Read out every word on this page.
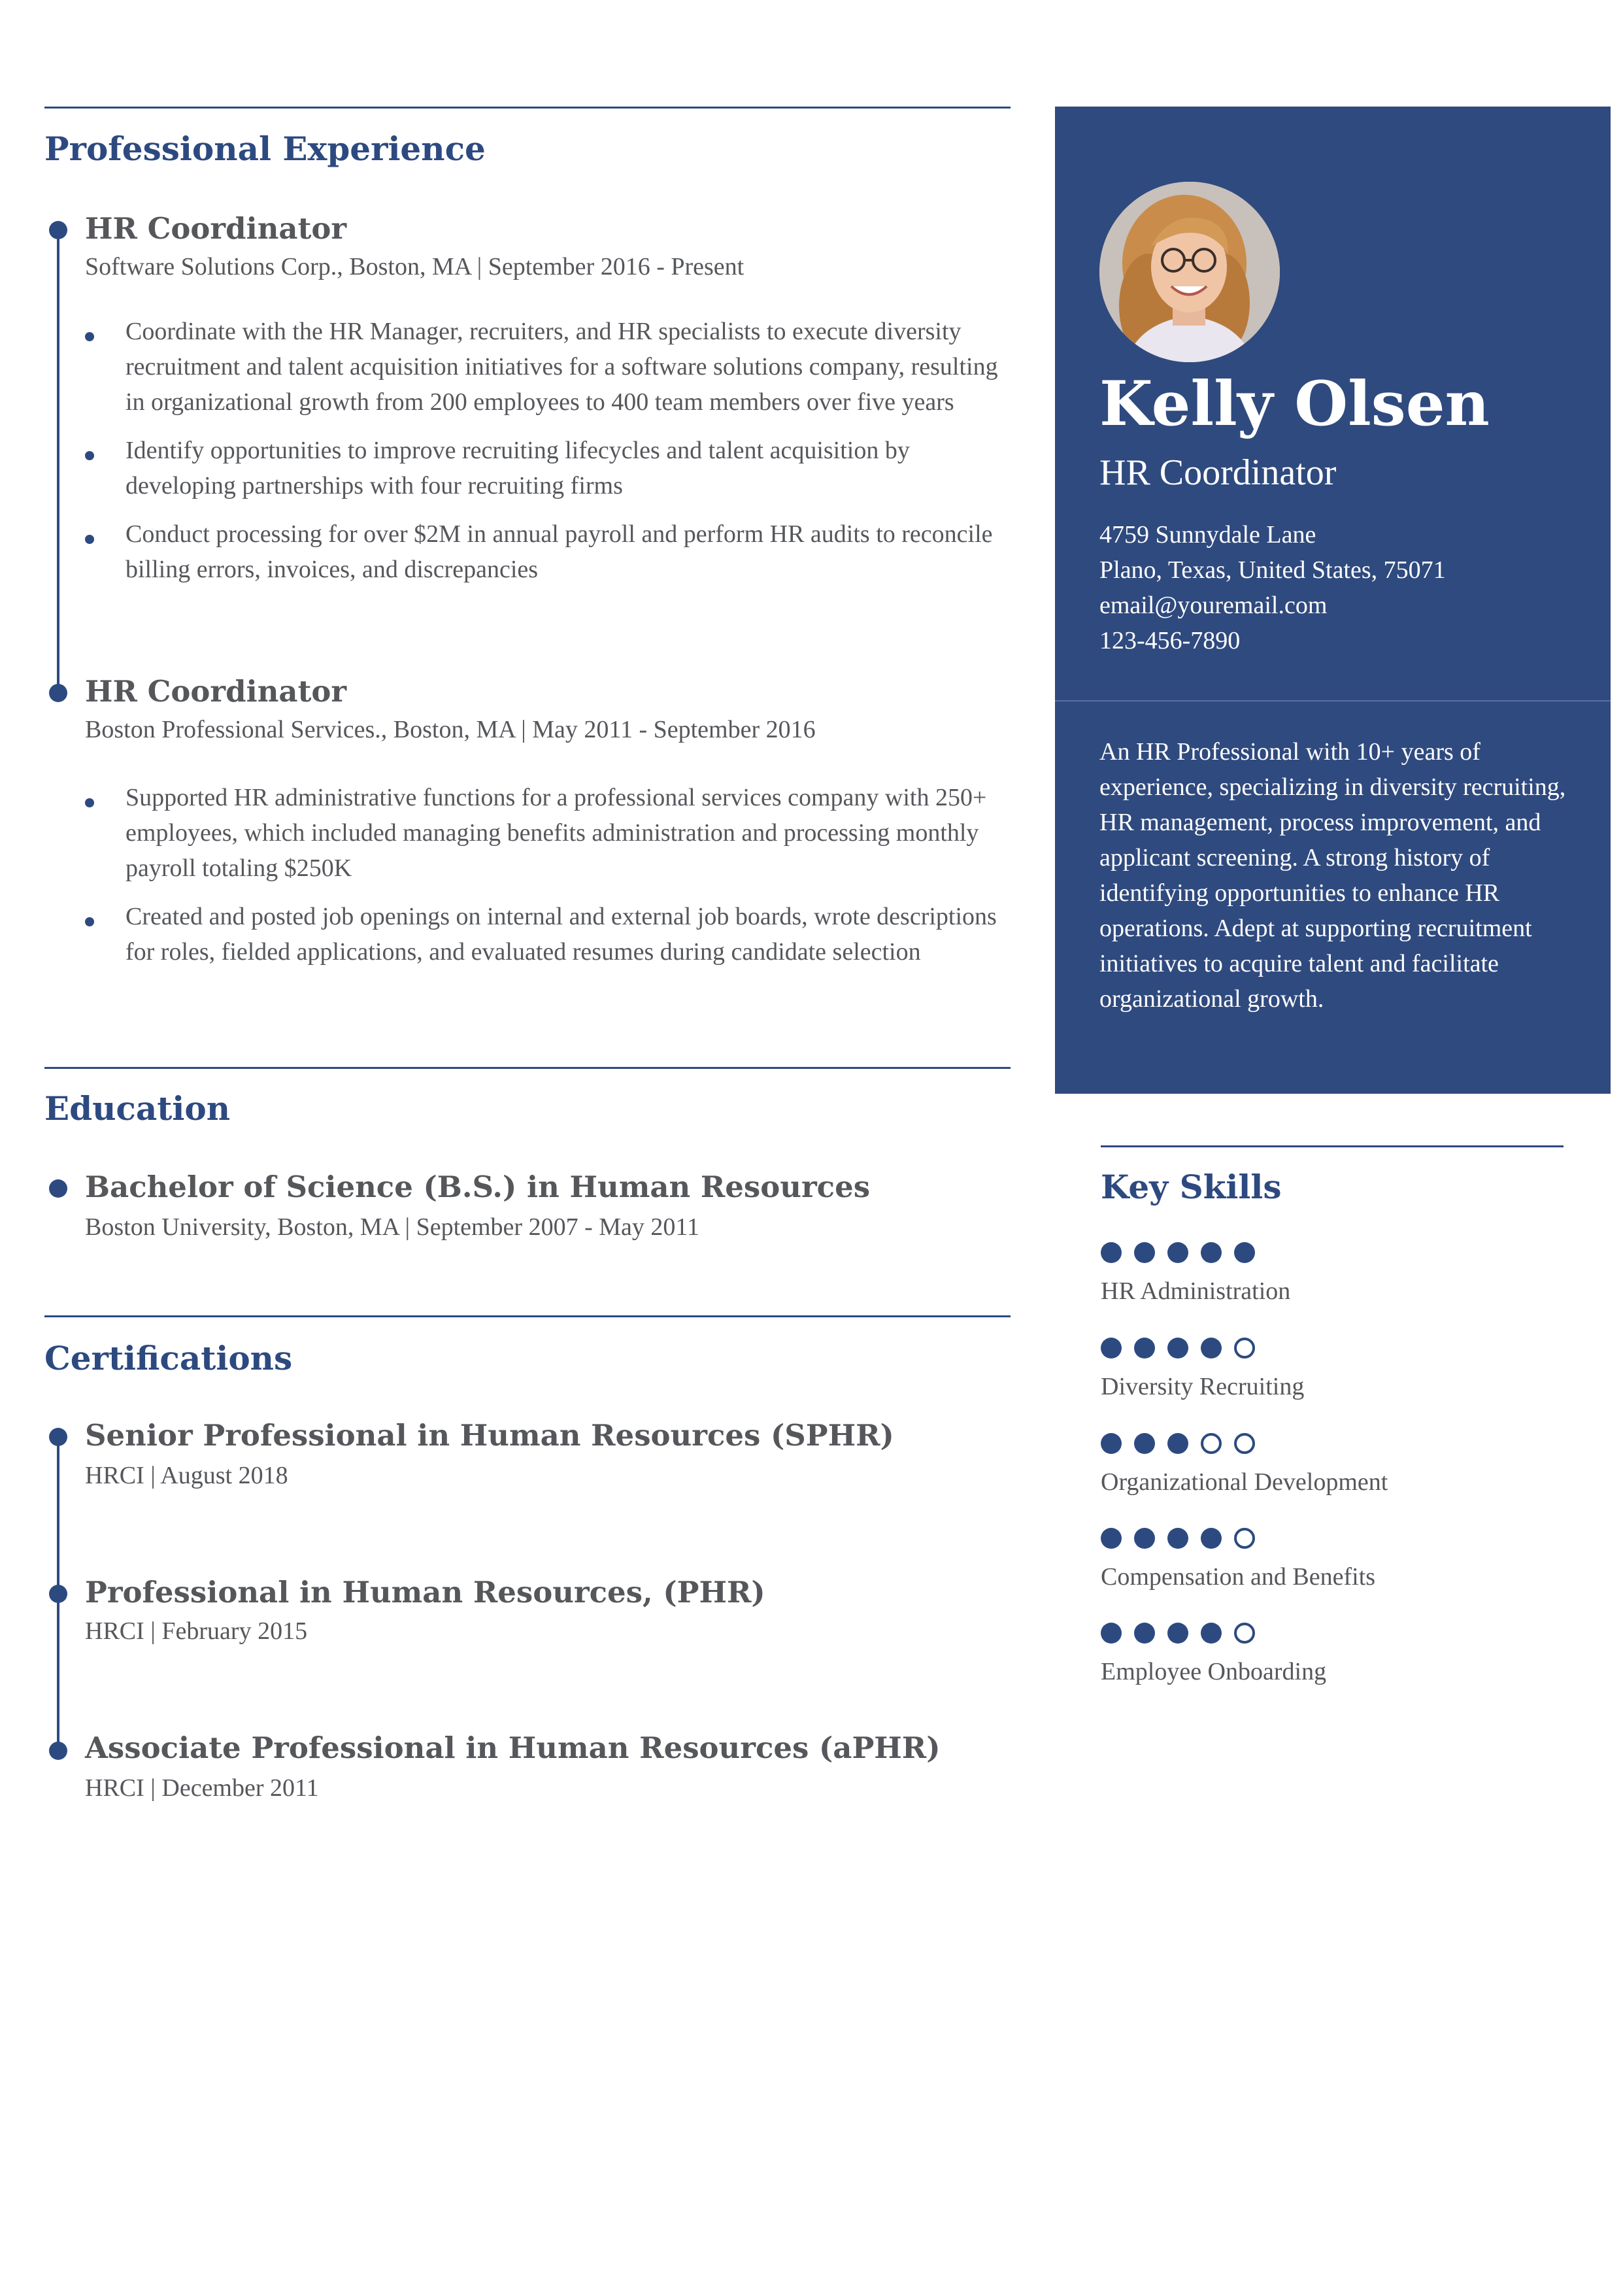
Professional Experience
HR Coordinator

Software Solutions Corp., Boston, MA | September 2016 - Present

Coordinate with the HR Manager, recruiters, and HR specialists to execute diversity recruitment and talent acquisition initiatives for a software solutions company, resulting in organizational growth from 200 employees to 400 team members over five years
Identify opportunities to improve recruiting lifecycles and talent acquisition by developing partnerships with four recruiting firms
Conduct processing for over $2M in annual payroll and perform HR audits to reconcile billing errors, invoices, and discrepancies
HR Coordinator

Boston Professional Services., Boston, MA | May 2011 - September 2016

Supported HR administrative functions for a professional services company with 250+ employees, which included managing benefits administration and processing monthly payroll totaling $250K
Created and posted job openings on internal and external job boards, wrote descriptions for roles, fielded applications, and evaluated resumes during candidate selection
Education
Bachelor of Science (B.S.) in Human Resources

Boston University, Boston, MA | September 2007 - May 2011

Certifications
Senior Professional in Human Resources (SPHR)

HRCI | August 2018

Professional in Human Resources, (PHR)

HRCI | February 2015

Associate Professional in Human Resources (aPHR)

HRCI | December 2011

Kelly Olsen

HR Coordinator

4759 Sunnydale Lane
Plano, Texas, United States, 75071
email@youremail.com
123-456-7890

An HR Professional with 10+ years of experience, specializing in diversity recruiting, HR management, process improvement, and applicant screening. A strong history of identifying opportunities to enhance HR operations. Adept at supporting recruitment initiatives to acquire talent and facilitate organizational growth.

Key Skills
HR Administration
Diversity Recruiting
Organizational Development
Compensation and Benefits
Employee Onboarding
